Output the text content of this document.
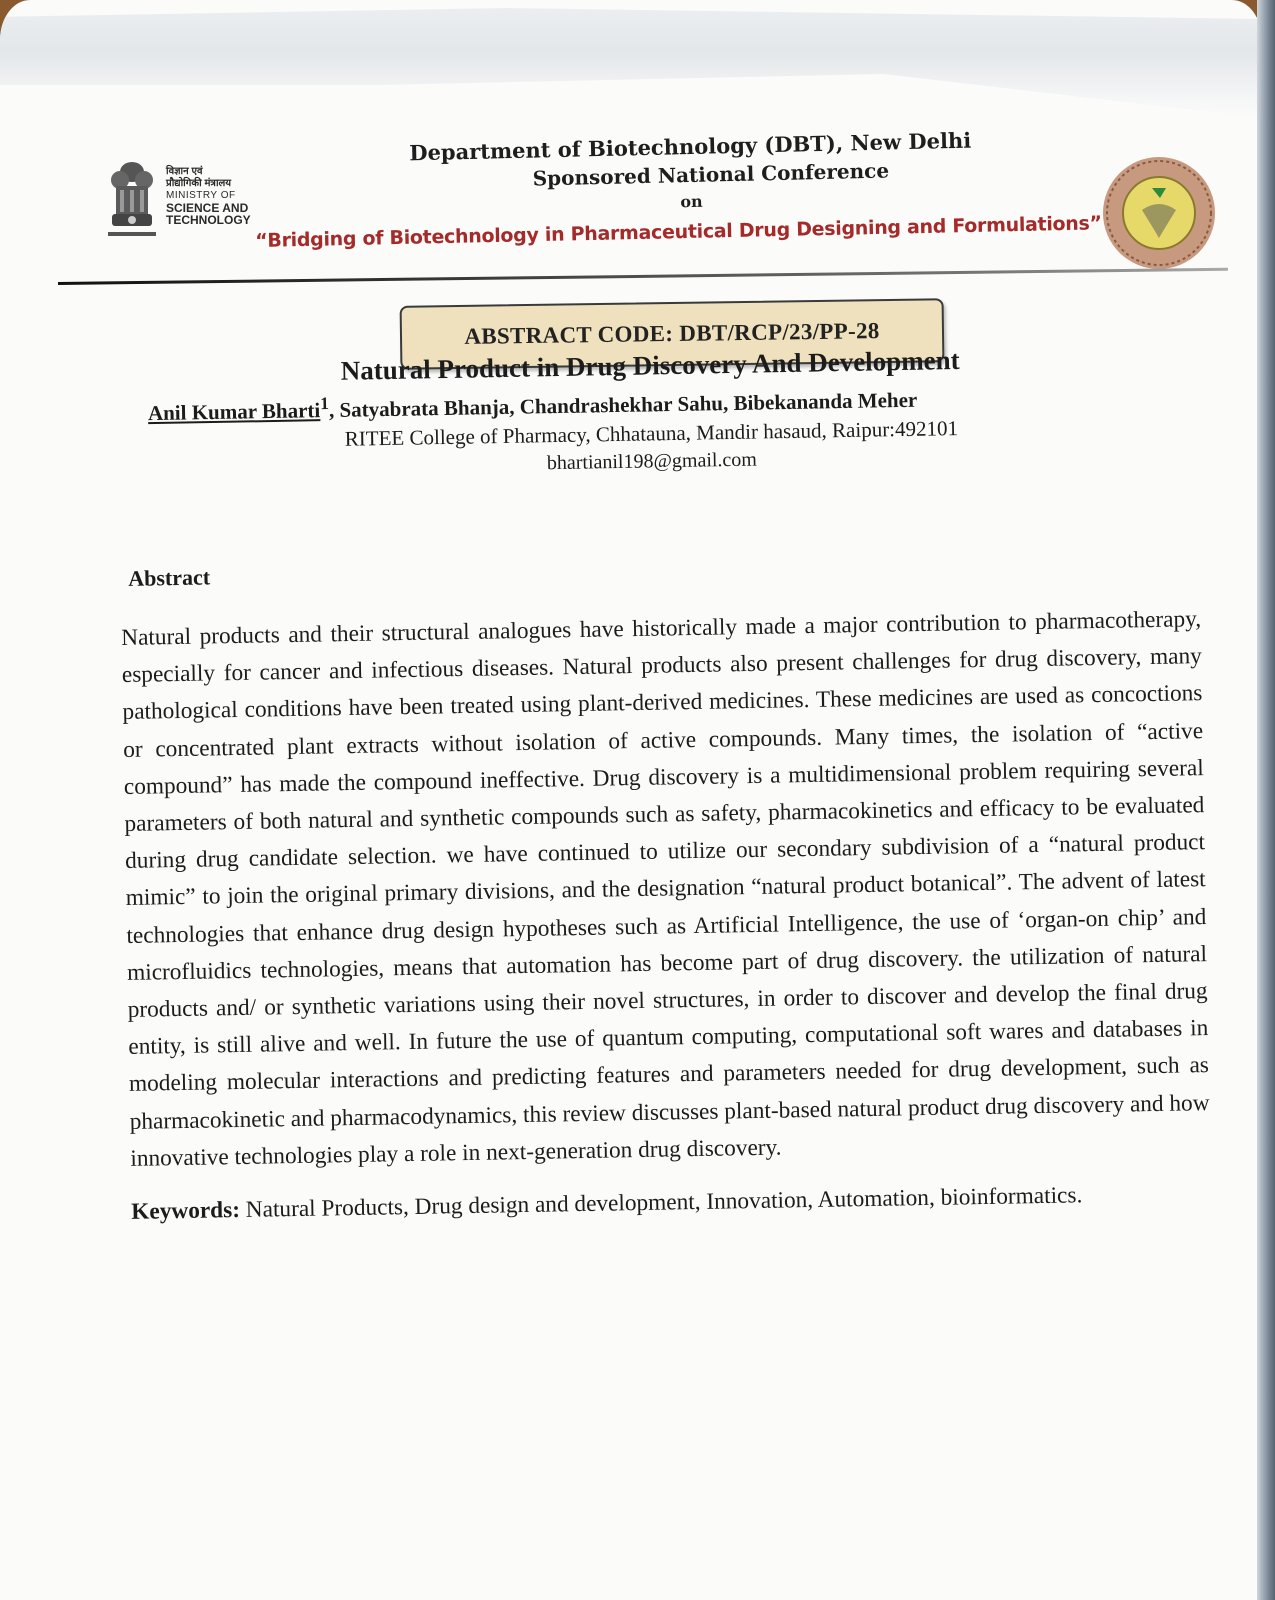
विज्ञान एवं
प्रौद्योगिकी मंत्रालय
MINISTRY OF
SCIENCE AND
TECHNOLOGY
Department of Biotechnology (DBT), New Delhi
Sponsored National Conference
on
“Bridging of Biotechnology in Pharmaceutical Drug Designing and Formulations”
ABSTRACT CODE: DBT/RCP/23/PP-28
Natural Product in Drug Discovery And Development
Anil Kumar Bharti$^1$, Satyabrata Bhanja, Chandrashekhar Sahu, Bibekananda Meher
RITEE College of Pharmacy, Chhatauna, Mandir hasaud, Raipur:492101
bhartianil198@gmail.com
Abstract

Natural products and their structural analogues have historically made a major contribution to pharmacotherapy, especially for cancer and infectious diseases. Natural products also present challenges for drug discovery, many pathological conditions have been treated using plant-derived medicines. These medicines are used as concoctions or concentrated plant extracts without isolation of active compounds. Many times, the isolation of “active compound” has made the compound ineffective. Drug discovery is a multidimensional problem requiring several parameters of both natural and synthetic compounds such as safety, pharmacokinetics and efficacy to be evaluated during drug candidate selection. we have continued to utilize our secondary subdivision of a “natural product mimic” to join the original primary divisions, and the designation “natural product botanical”. The advent of latest technologies that enhance drug design hypotheses such as Artificial Intelligence, the use of ‘organ-on chip’ and microfluidics technologies, means that automation has become part of drug discovery. the utilization of natural products and/ or synthetic variations using their novel structures, in order to discover and develop the final drug entity, is still alive and well. In future the use of quantum computing, computational soft wares and databases in modeling molecular interactions and predicting features and parameters needed for drug development, such as pharmacokinetic and pharmacodynamics, this review discusses plant-based natural product drug discovery and how innovative technologies play a role in next-generation drug discovery.

Keywords: Natural Products, Drug design and development, Innovation, Automation, bioinformatics.
